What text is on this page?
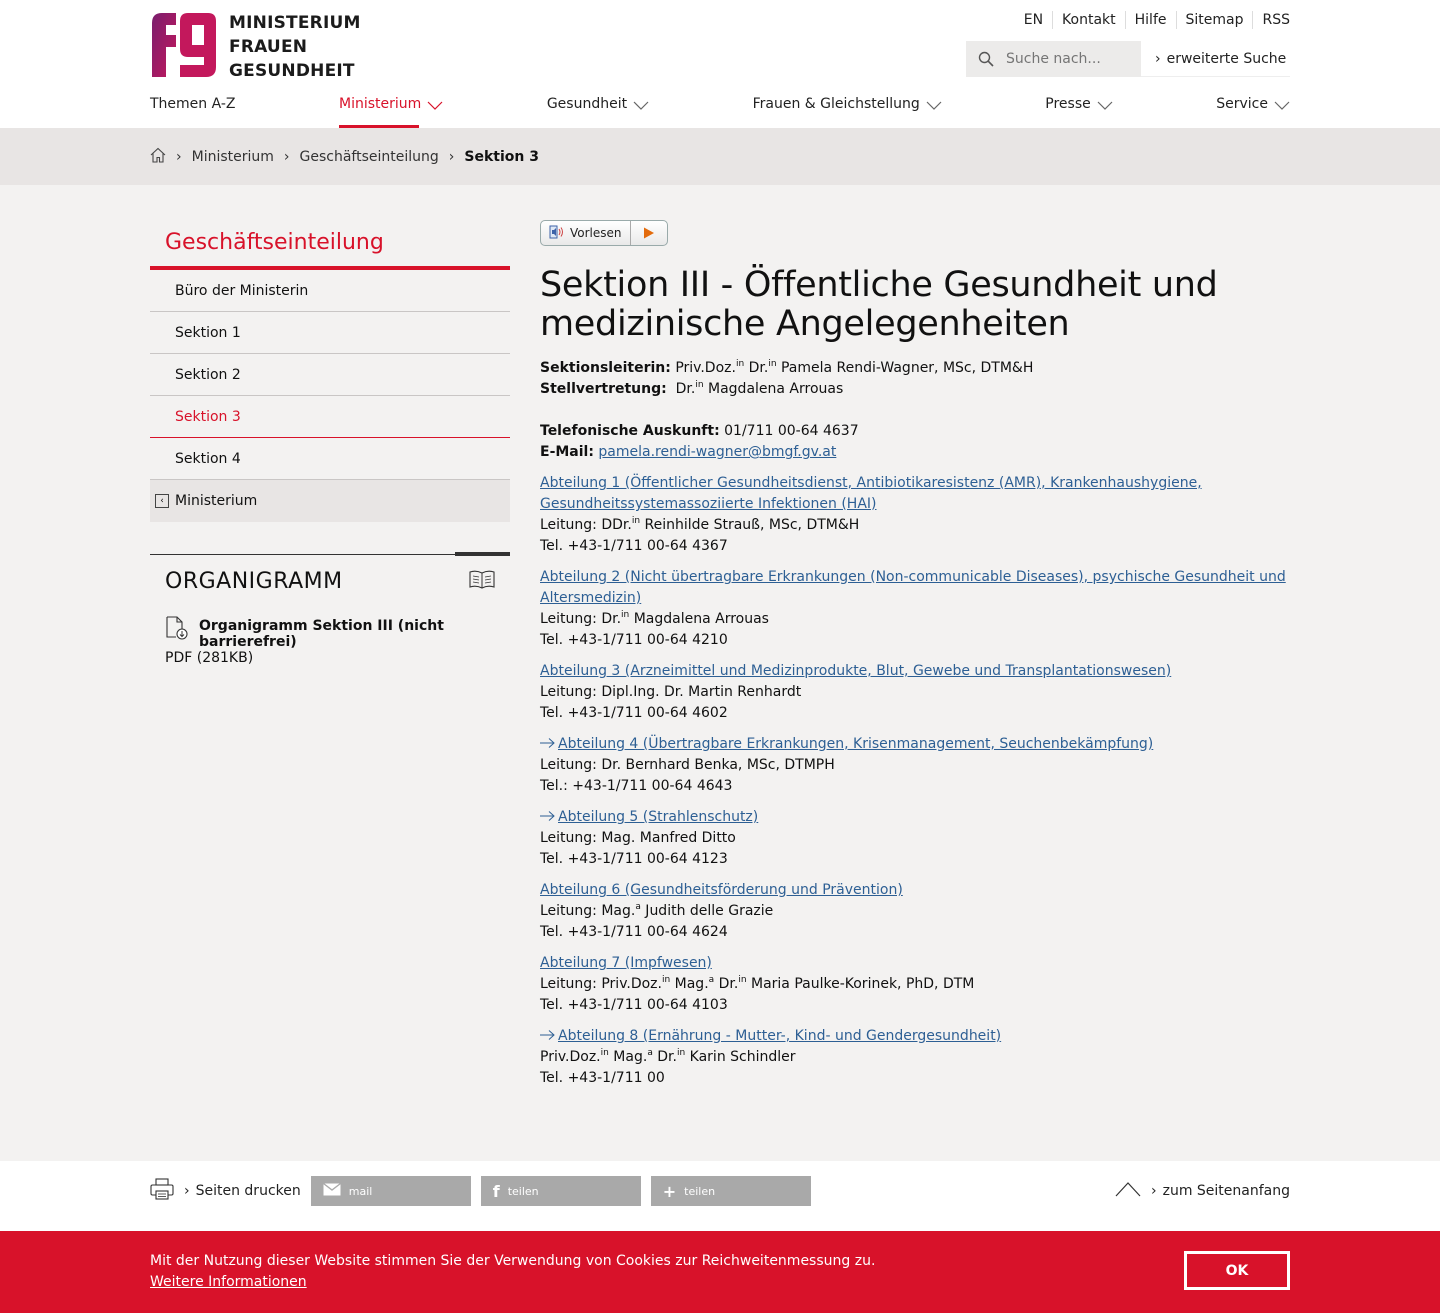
MINISTERIUM
FRAUEN
GESUNDHEIT
EN	Kontakt	Hilfe	Sitemap	RSS
Suche nach...
› erweiterte Suche
Themen A-Z	Ministerium	Gesundheit	Frauen & Gleichstellung	Presse	Service
› Ministerium › Geschäftseinteilung › Sektion 3
Geschäftseinteilung
Büro der Ministerin
Sektion 1
Sektion 2
Sektion 3
Sektion 4
‹ Ministerium
ORGANIGRAMM
Organigramm Sektion III (nicht barrierefrei)
PDF (281KB)
Vorlesen
Sektion III - Öffentliche Gesundheit und medizinische Angelegenheiten
Sektionsleiterin: Priv.Doz.$^{in}$ Dr.$^{in}$ Pamela Rendi-Wagner, MSc, DTM&H
Stellvertretung: Dr.$^{in}$ Magdalena Arrouas
Telefonische Auskunft: 01/711 00-64 4637
E-Mail: pamela.rendi-wagner@bmgf.gv.at
Abteilung 1 (Öffentlicher Gesundheitsdienst, Antibiotikaresistenz (AMR), Krankenhaushygiene, Gesundheitssystemassoziierte Infektionen (HAI)
Leitung: DDr.$^{in}$ Reinhilde Strauß, MSc, DTM&H
Tel. +43-1/711 00-64 4367
Abteilung 2 (Nicht übertragbare Erkrankungen (Non-communicable Diseases), psychische Gesundheit und Altersmedizin)
Leitung: Dr.$^{in}$ Magdalena Arrouas
Tel. +43-1/711 00-64 4210
Abteilung 3 (Arzneimittel und Medizinprodukte, Blut, Gewebe und Transplantationswesen)
Leitung: Dipl.Ing. Dr. Martin Renhardt
Tel. +43-1/711 00-64 4602
Abteilung 4 (Übertragbare Erkrankungen, Krisenmanagement, Seuchenbekämpfung)
Leitung: Dr. Bernhard Benka, MSc, DTMPH
Tel.: +43-1/711 00-64 4643
Abteilung 5 (Strahlenschutz)
Leitung: Mag. Manfred Ditto
Tel. +43-1/711 00-64 4123
Abteilung 6 (Gesundheitsförderung und Prävention)
Leitung: Mag.$^a$ Judith delle Grazie
Tel. +43-1/711 00-64 4624
Abteilung 7 (Impfwesen)
Leitung: Priv.Doz.$^{in}$ Mag.$^a$ Dr.$^{in}$ Maria Paulke-Korinek, PhD, DTM
Tel. +43-1/711 00-64 4103
Abteilung 8 (Ernährung - Mutter-, Kind- und Gendergesundheit)
Priv.Doz.$^{in}$ Mag.$^a$ Dr.$^{in}$ Karin Schindler
Tel. +43-1/711 00
› Seiten drucken	mail	f teilen	+ teilen	› zum Seitenanfang
Mit der Nutzung dieser Website stimmen Sie der Verwendung von Cookies zur Reichweitenmessung zu.
Weitere Informationen
OK
